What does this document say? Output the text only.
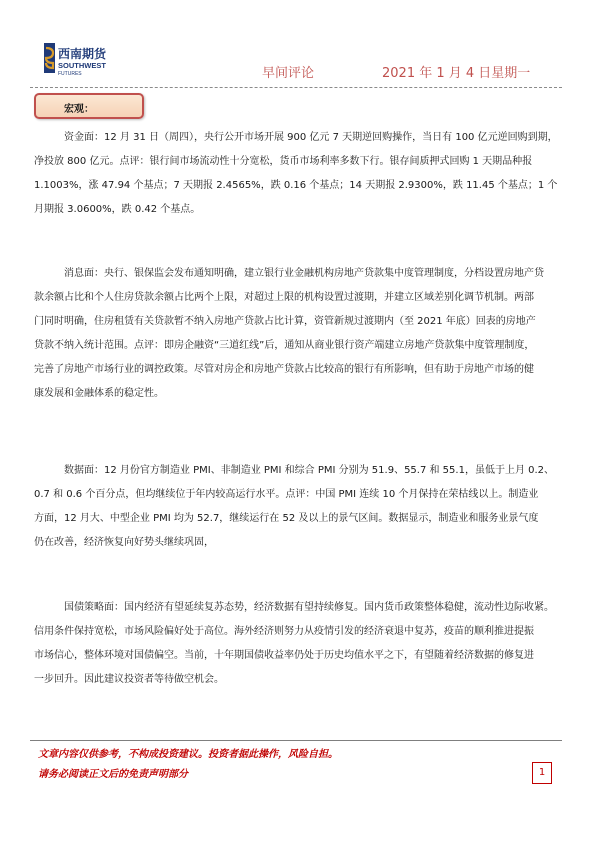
西南期货
SOUTHWEST
FUTURES	早间评论	2021 年 1 月 4 日星期一
宏观：
资金面：12 月 31 日（周四），央行公开市场开展 900 亿元 7 天期逆回购操作，当日有 100 亿元逆回购到期，
净投放 800 亿元。点评：银行间市场流动性十分宽松，货币市场利率多数下行。银存间质押式回购 1 天期品种报
1.1003%，涨 47.94 个基点；7 天期报 2.4565%，跌 0.16 个基点；14 天期报 2.9300%，跌 11.45 个基点；1 个
月期报 3.0600%，跌 0.42 个基点。
消息面：央行、银保监会发布通知明确，建立银行业金融机构房地产贷款集中度管理制度，分档设置房地产贷
款余额占比和个人住房贷款余额占比两个上限，对超过上限的机构设置过渡期，并建立区域差别化调节机制。两部
门同时明确，住房租赁有关贷款暂不纳入房地产贷款占比计算，资管新规过渡期内（至 2021 年底）回表的房地产
贷款不纳入统计范围。点评：即房企融资“三道红线”后，通知从商业银行资产端建立房地产贷款集中度管理制度，
完善了房地产市场行业的调控政策。尽管对房企和房地产贷款占比较高的银行有所影响，但有助于房地产市场的健
康发展和金融体系的稳定性。
数据面：12 月份官方制造业 PMI、非制造业 PMI 和综合 PMI 分别为 51.9、55.7 和 55.1，虽低于上月 0.2、
0.7 和 0.6 个百分点，但均继续位于年内较高运行水平。点评：中国 PMI 连续 10 个月保持在荣枯线以上。制造业
方面，12 月大、中型企业 PMI 均为 52.7，继续运行在 52 及以上的景气区间。数据显示，制造业和服务业景气度
仍在改善，经济恢复向好势头继续巩固，
国债策略面：国内经济有望延续复苏态势，经济数据有望持续修复。国内货币政策整体稳健，流动性边际收紧。
信用条件保持宽松，市场风险偏好处于高位。海外经济则努力从疫情引发的经济衰退中复苏，疫苗的顺利推进提振
市场信心，整体环境对国债偏空。当前，十年期国债收益率仍处于历史均值水平之下，有望随着经济数据的修复进
一步回升。因此建议投资者等待做空机会。
文章内容仅供参考，不构成投资建议。投资者据此操作，风险自担。
请务必阅读正文后的免责声明部分	1
